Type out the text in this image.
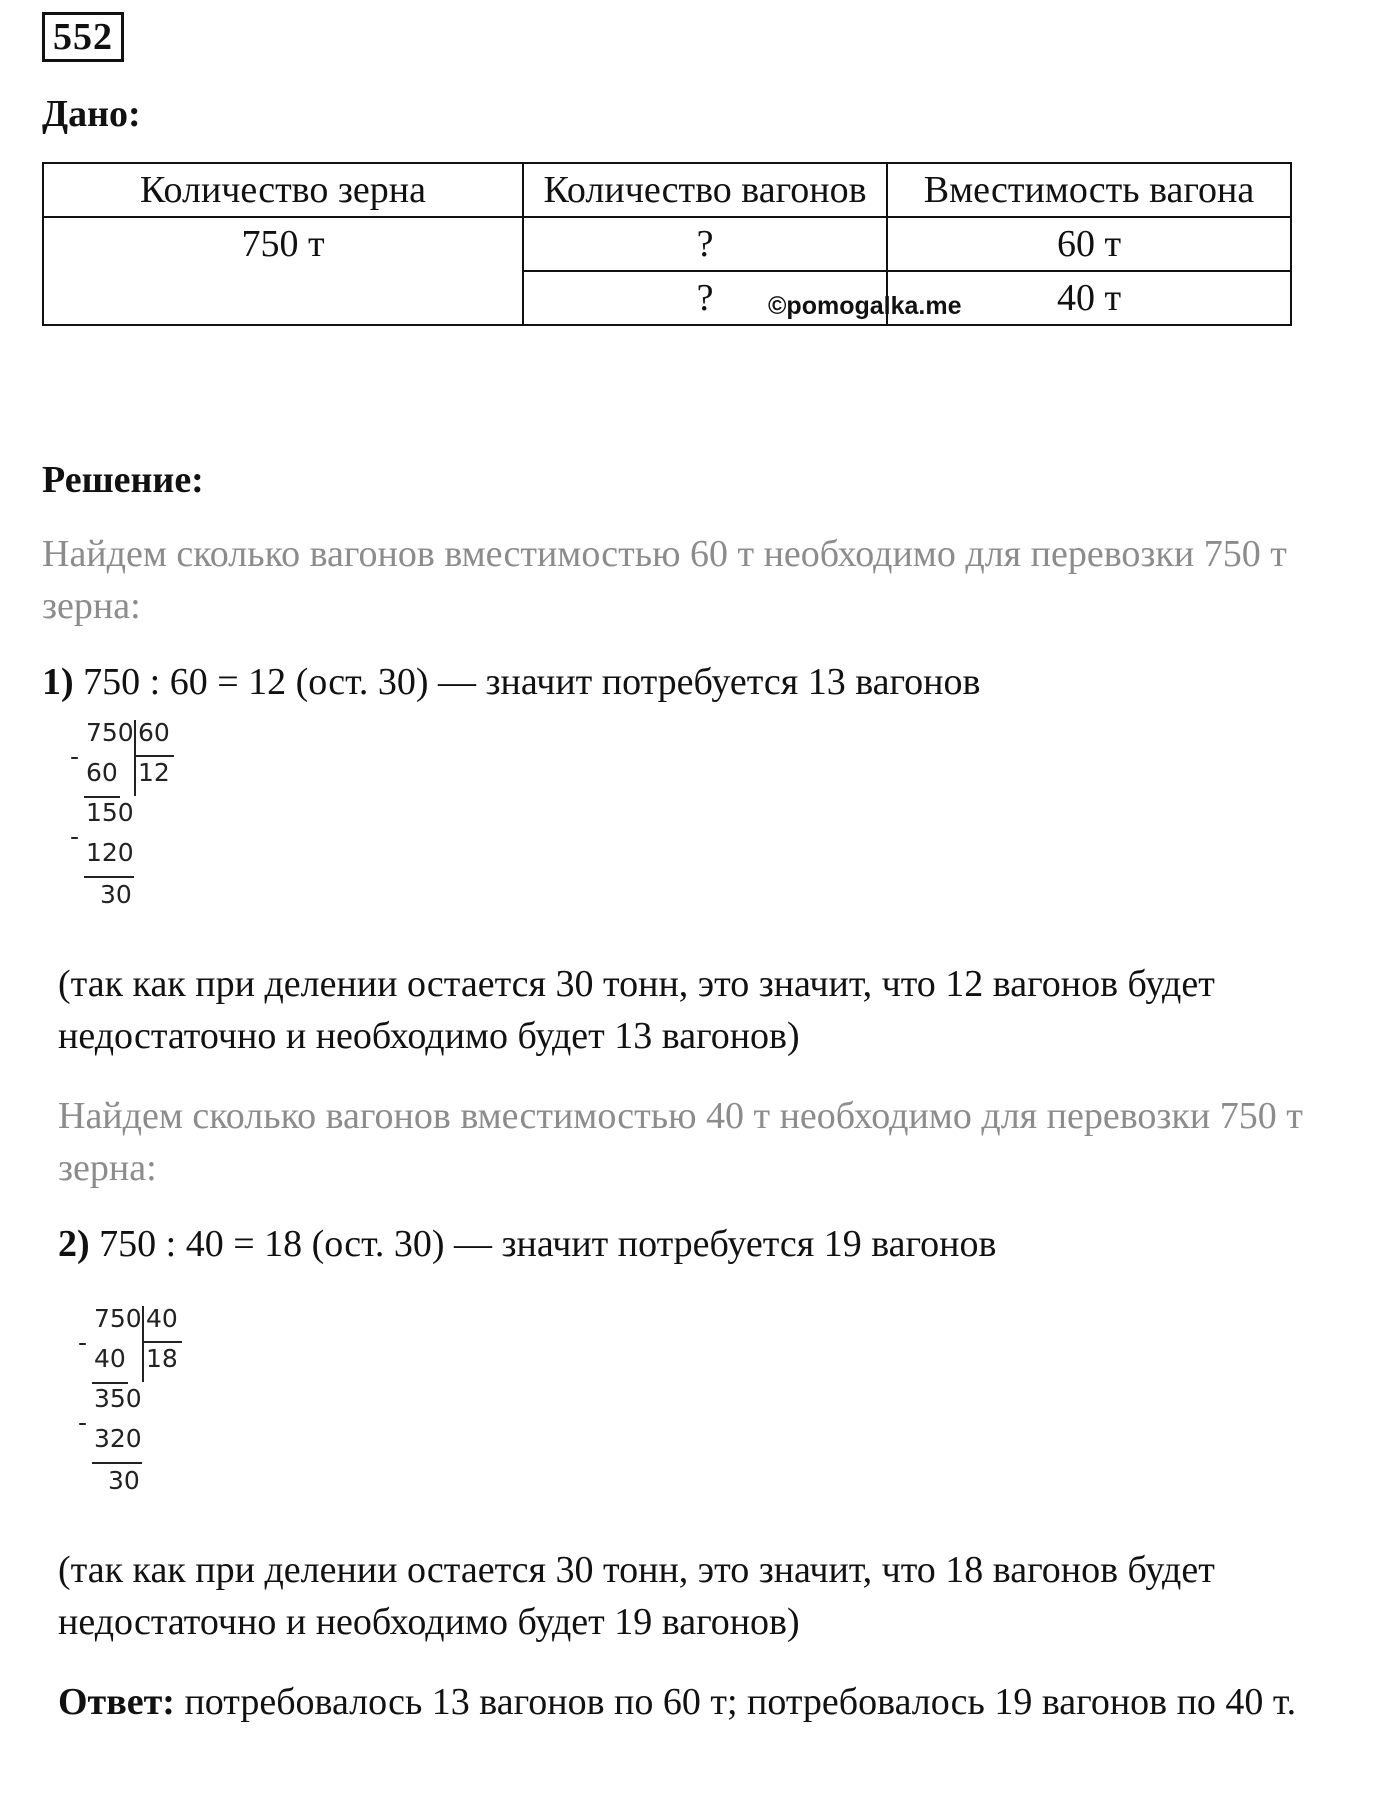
552
Дано:
Количество зерна	Количество вагонов	Вместимость вагона
750 т	?	60 т
	?	40 т
©pomogalka.me
Решение:
Найдем сколько вагонов вместимостью 60 т необходимо для перевозки 750 т зерна:
1) 750 : 60 = 12 (ост. 30) — значит потребуется 13 вагонов
750 60
-
60 12
150
-
120
30
(так как при делении остается 30 тонн, это значит, что 12 вагонов будет недостаточно и необходимо будет 13 вагонов)
Найдем сколько вагонов вместимостью 40 т необходимо для перевозки 750 т зерна:
2) 750 : 40 = 18 (ост. 30) — значит потребуется 19 вагонов
750 40
-
40 18
350
-
320
30
(так как при делении остается 30 тонн, это значит, что 18 вагонов будет недостаточно и необходимо будет 19 вагонов)
Ответ: потребовалось 13 вагонов по 60 т; потребовалось 19 вагонов по 40 т.
